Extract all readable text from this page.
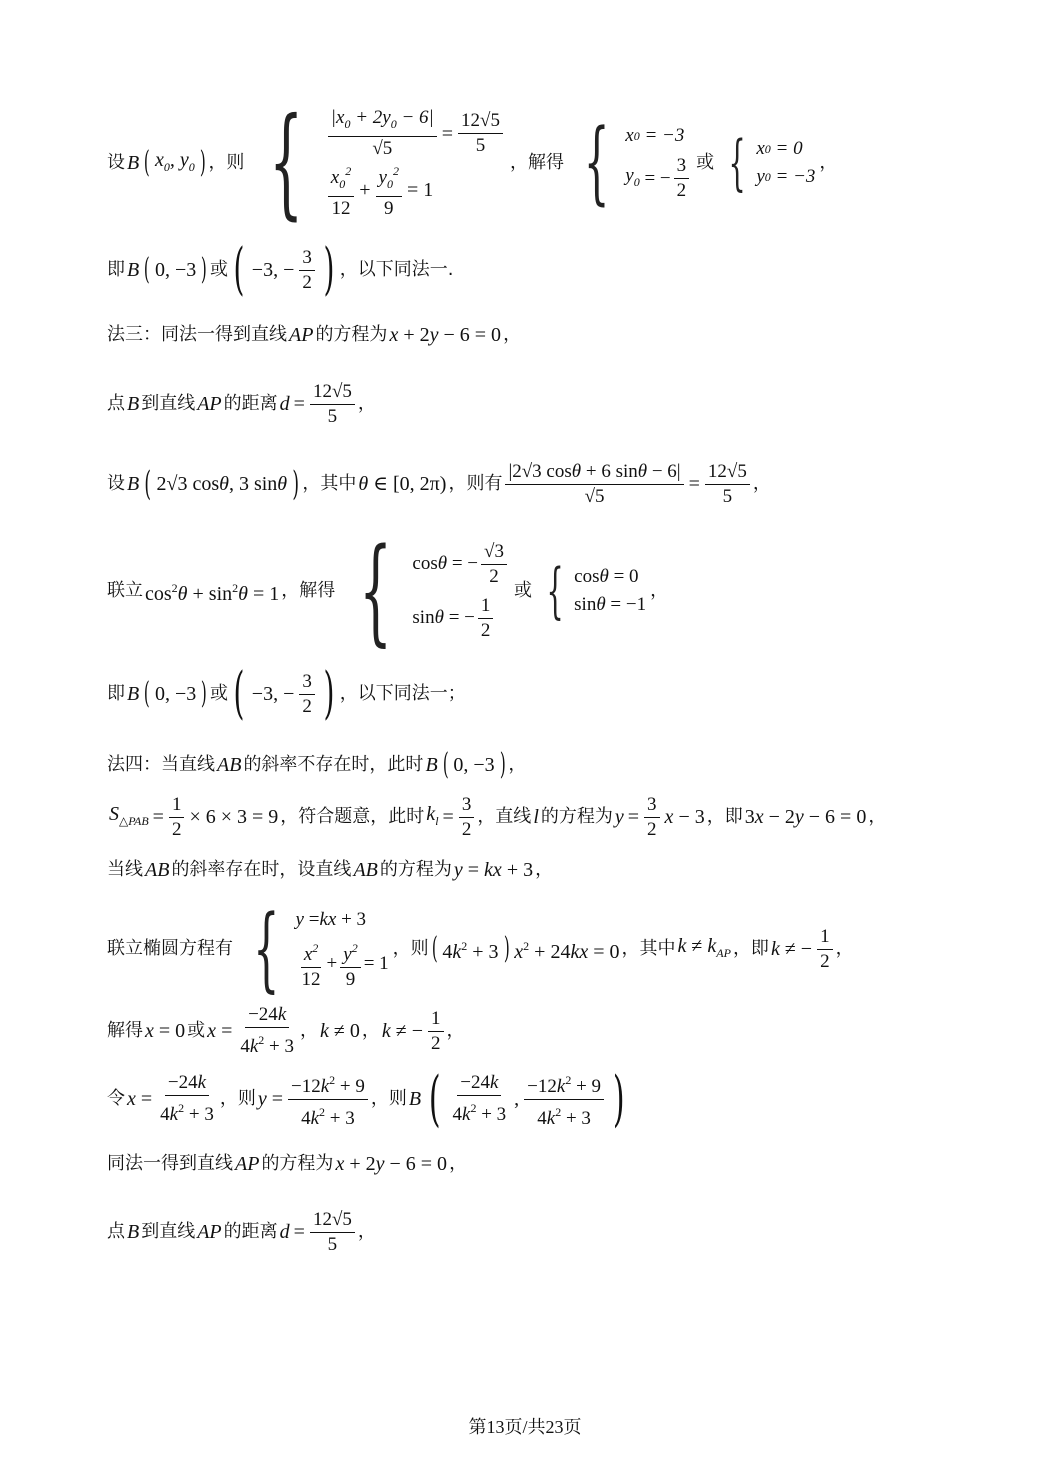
设 B ( $x_0$, $y_0$ ) ，则 { $\frac{|x_0 + 2y_0 - 6|}{√5} = \frac{12√5}{5}$
$\frac{x_0^2}{12} + \frac{y_0^2}{9} = 1$
，解得 { x 0 = −3
$y_0$ = − $\frac{3}{2}$ 或 { x 0 = 0
y 0 = −3
，
即 B ( 0, −3 ) 或 ( −3, − $\frac{3}{2}$ ) ，以下同法一.
法三：同法一得到直线 AP 的方程为 x + 2y − 6 = 0 ，
点 B 到直线 AP 的距离 $d = \frac{12√5}{5}$ ，
设 B ( 2√3 cosθ, 3 sinθ ) ，其中 θ ∈ [0, 2π) ，则有 $\frac{|2√3 \cos\theta + 6 \sin\theta - 6|}{√5} = \frac{12√5}{5}$ ，
联立 $\cos^2\theta + \sin^2\theta = 1$ ，解得 { cos θ = − $\frac{√3}{2}$
sin θ = − $\frac{1}{2}$
或 { cos θ = 0
sin θ = −1
，
即 B ( 0, −3 ) 或 ( −3, − $\frac{3}{2}$ ) ，以下同法一；
法四：当直线 AB 的斜率不存在时，此时 B ( 0, −3 ) ，
$S_{\triangle PAB} = \frac{1}{2} \times 6 \times 3 = 9$ ，符合题意，此时 $k_l = \frac{3}{2}$ ，直线 l 的方程为 $y = \frac{3}{2}$ x − 3 ，即 3x − 2y − 6 = 0 ，
当线 AB 的斜率存在时，设直线 AB 的方程为 y = kx + 3 ，
联立椭圆方程有 { y = kx + 3
$\frac{x^2}{12} + \frac{y^2}{9} = 1$
，则 ( $4k^2 + 3$ ) $x^2 + 24kx = 0$ ，其中 $k \ne k_{AP}$ ，即 k ≠ − $\frac{1}{2}$ ，
解得 x = 0 或 $x = \frac{-24k}{4k^2 + 3}$ ， k ≠ 0 ， k ≠ − $\frac{1}{2}$ ，
令 $x = \frac{-24k}{4k^2 + 3}$ ，则 $y = \frac{-12k^2 + 9}{4k^2 + 3}$ ，则 B ( $\frac{-24k}{4k^2 + 3}$ , $\frac{-12k^2 + 9}{4k^2 + 3}$ )
同法一得到直线 AP 的方程为 x + 2y − 6 = 0 ，
点 B 到直线 AP 的距离 $d = \frac{12√5}{5}$ ，
第13页/共23页
